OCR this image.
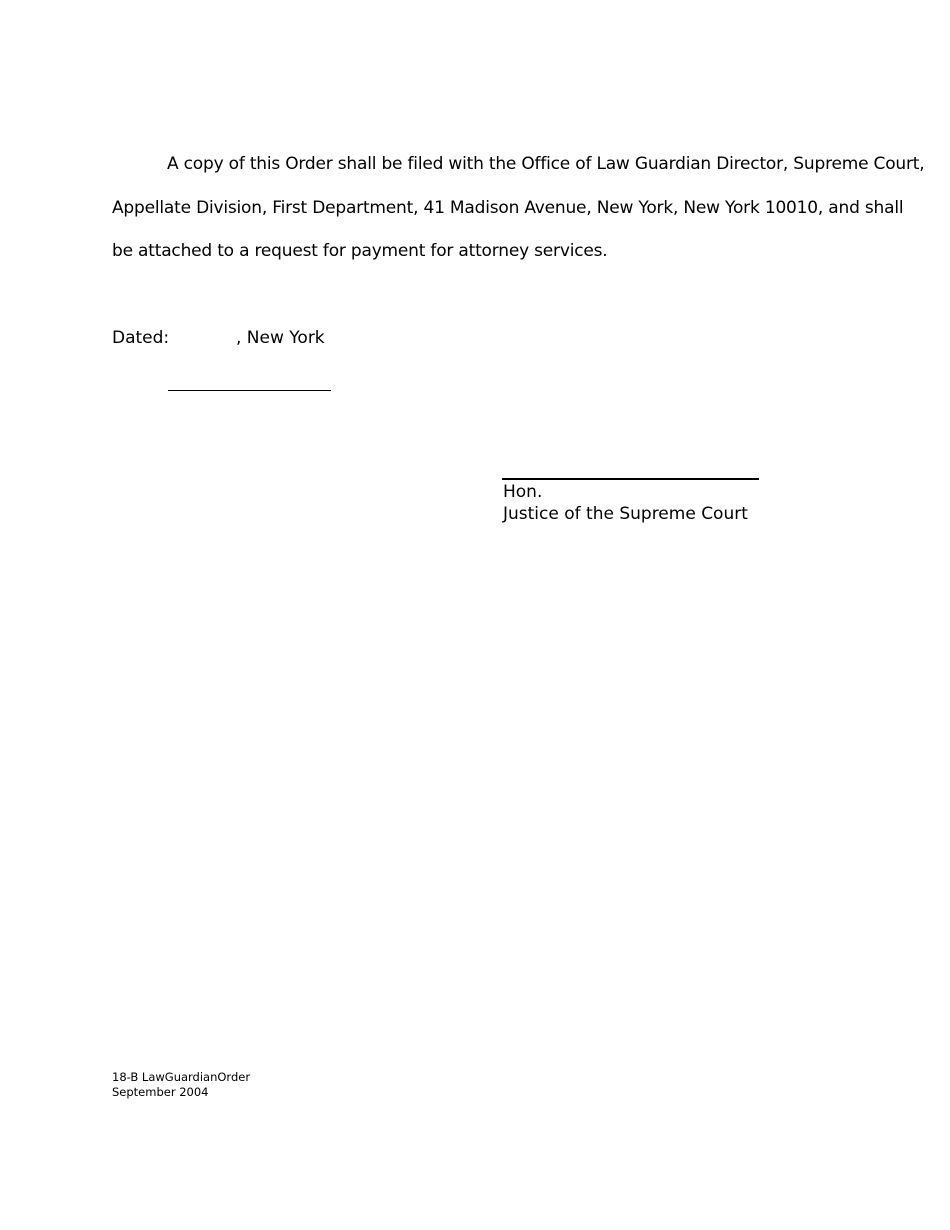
A copy of this Order shall be filed with the Office of Law Guardian Director, Supreme Court,
Appellate Division, First Department, 41 Madison Avenue, New York, New York 10010, and shall
be attached to a request for payment for attorney services.
Dated:	, New York
Hon.
Justice of the Supreme Court
18-B LawGuardianOrder
September 2004
